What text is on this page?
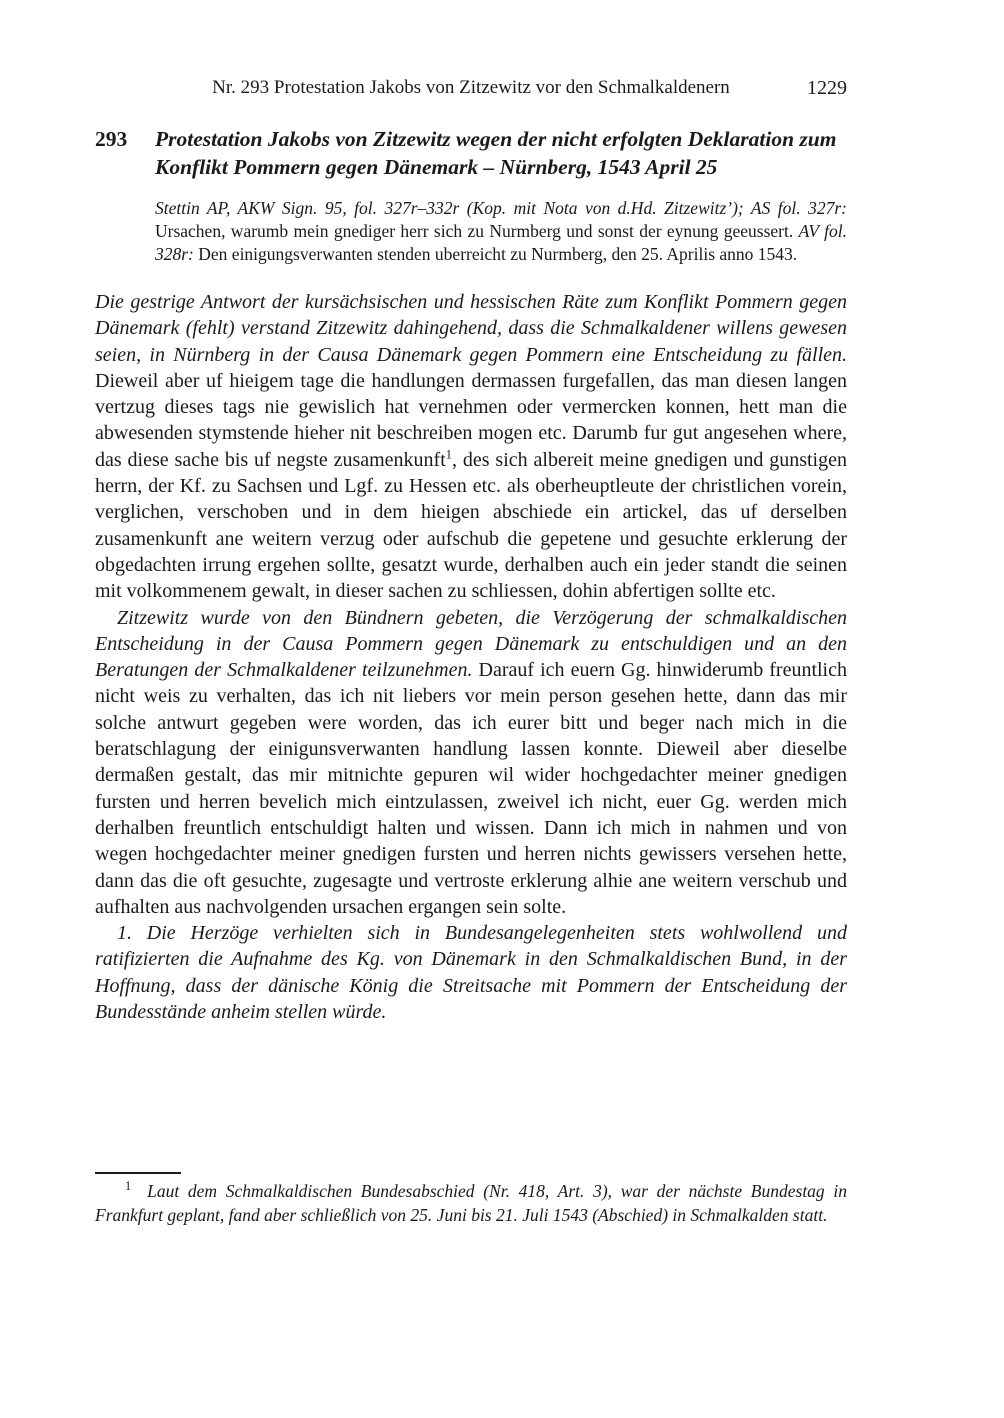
Nr. 293 Protestation Jakobs von Zitzewitz vor den Schmalkaldenern	1229
293	Protestation Jakobs von Zitzewitz wegen der nicht erfolgten Deklaration zum Konflikt Pommern gegen Dänemark – Nürnberg, 1543 April 25
Stettin AP, AKW Sign. 95, fol. 327r–332r (Kop. mit Nota von d.Hd. Zitzewitz’); AS fol. 327r: Ursachen, warumb mein gnediger herr sich zu Nurmberg und sonst der eynung geeussert. AV fol. 328r: Den einigungsverwanten stenden uberreicht zu Nurmberg, den 25. Aprilis anno 1543.

Die gestrige Antwort der kursächsischen und hessischen Räte zum Konflikt Pommern gegen Dänemark (fehlt) verstand Zitzewitz dahingehend, dass die Schmalkaldener willens gewesen seien, in Nürnberg in der Causa Dänemark gegen Pommern eine Entscheidung zu fällen. Dieweil aber uf hieigem tage die handlungen dermassen furgefallen, das man diesen langen vertzug dieses tags nie gewislich hat vernehmen oder vermercken konnen, hett man die abwesenden stymstende hieher nit beschreiben mogen etc. Darumb fur gut angesehen where, das diese sache bis uf negste zusamenkunft$^1$, des sich albereit meine gnedigen und gunstigen herrn, der Kf. zu Sachsen und Lgf. zu Hessen etc. als oberheuptleute der christlichen vorein, verglichen, verschoben und in dem hieigen abschiede ein artickel, das uf derselben zusamenkunft ane weitern verzug oder aufschub die gepetene und gesuchte erklerung der obgedachten irrung ergehen sollte, gesatzt wurde, derhalben auch ein jeder standt die seinen mit volkommenem gewalt, in dieser sachen zu schliessen, dohin abfertigen sollte etc.

Zitzewitz wurde von den Bündnern gebeten, die Verzögerung der schmalkaldischen Entscheidung in der Causa Pommern gegen Dänemark zu entschuldigen und an den Beratungen der Schmalkaldener teilzunehmen. Darauf ich euern Gg. hinwiderumb freuntlich nicht weis zu verhalten, das ich nit liebers vor mein person gesehen hette, dann das mir solche antwurt gegeben were worden, das ich eurer bitt und beger nach mich in die beratschlagung der einigunsverwanten handlung lassen konnte. Dieweil aber dieselbe dermaßen gestalt, das mir mitnichte gepuren wil wider hochgedachter meiner gnedigen fursten und herren bevelich mich eintzulassen, zweivel ich nicht, euer Gg. werden mich derhalben freuntlich entschuldigt halten und wissen. Dann ich mich in nahmen und von wegen hochgedachter meiner gnedigen fursten und herren nichts gewissers versehen hette, dann das die oft gesuchte, zugesagte und vertroste erklerung alhie ane weitern verschub und aufhalten aus nachvolgenden ursachen ergangen sein solte.

1. Die Herzöge verhielten sich in Bundesangelegenheiten stets wohlwollend und ratifizierten die Aufnahme des Kg. von Dänemark in den Schmalkaldischen Bund, in der Hoffnung, dass der dänische König die Streitsache mit Pommern der Entscheidung der Bundesstände anheim stellen würde.

$^1$ Laut dem Schmalkaldischen Bundesabschied (Nr. 418, Art. 3), war der nächste Bundestag in Frankfurt geplant, fand aber schließlich von 25. Juni bis 21. Juli 1543 (Abschied) in Schmalkalden statt.
